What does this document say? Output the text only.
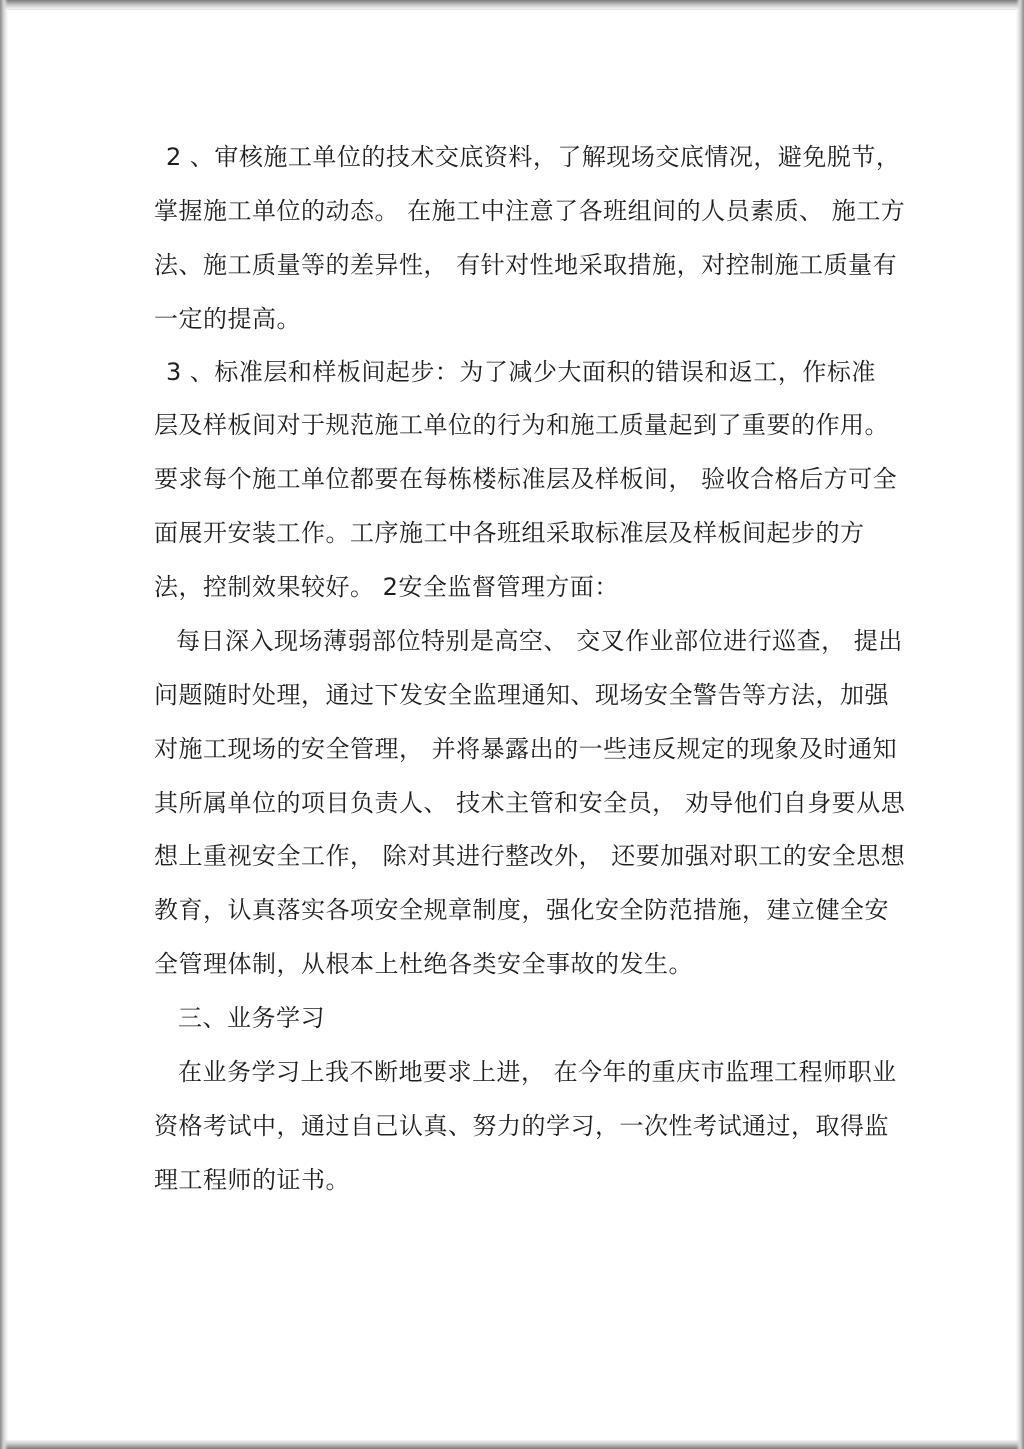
2 、审核施工单位的技术交底资料，了解现场交底情况，避免脱节，
掌握施工单位的动态。 在施工中注意了各班组间的人员素质、 施工方
法、施工质量等的差异性， 有针对性地采取措施，对控制施工质量有
一定的提高。
3 、标准层和样板间起步：为了减少大面积的错误和返工，作标准
层及样板间对于规范施工单位的行为和施工质量起到了重要的作用。
要求每个施工单位都要在每栋楼标准层及样板间， 验收合格后方可全
面展开安装工作。工序施工中各班组采取标准层及样板间起步的方
法，控制效果较好。 2安全监督管理方面：
每日深入现场薄弱部位特别是高空、 交叉作业部位进行巡查， 提出
问题随时处理，通过下发安全监理通知、现场安全警告等方法，加强
对施工现场的安全管理， 并将暴露出的一些违反规定的现象及时通知
其所属单位的项目负责人、 技术主管和安全员， 劝导他们自身要从思
想上重视安全工作， 除对其进行整改外， 还要加强对职工的安全思想
教育，认真落实各项安全规章制度，强化安全防范措施，建立健全安
全管理体制，从根本上杜绝各类安全事故的发生。
三、业务学习
在业务学习上我不断地要求上进， 在今年的重庆市监理工程师职业
资格考试中，通过自己认真、努力的学习，一次性考试通过，取得监
理工程师的证书。
